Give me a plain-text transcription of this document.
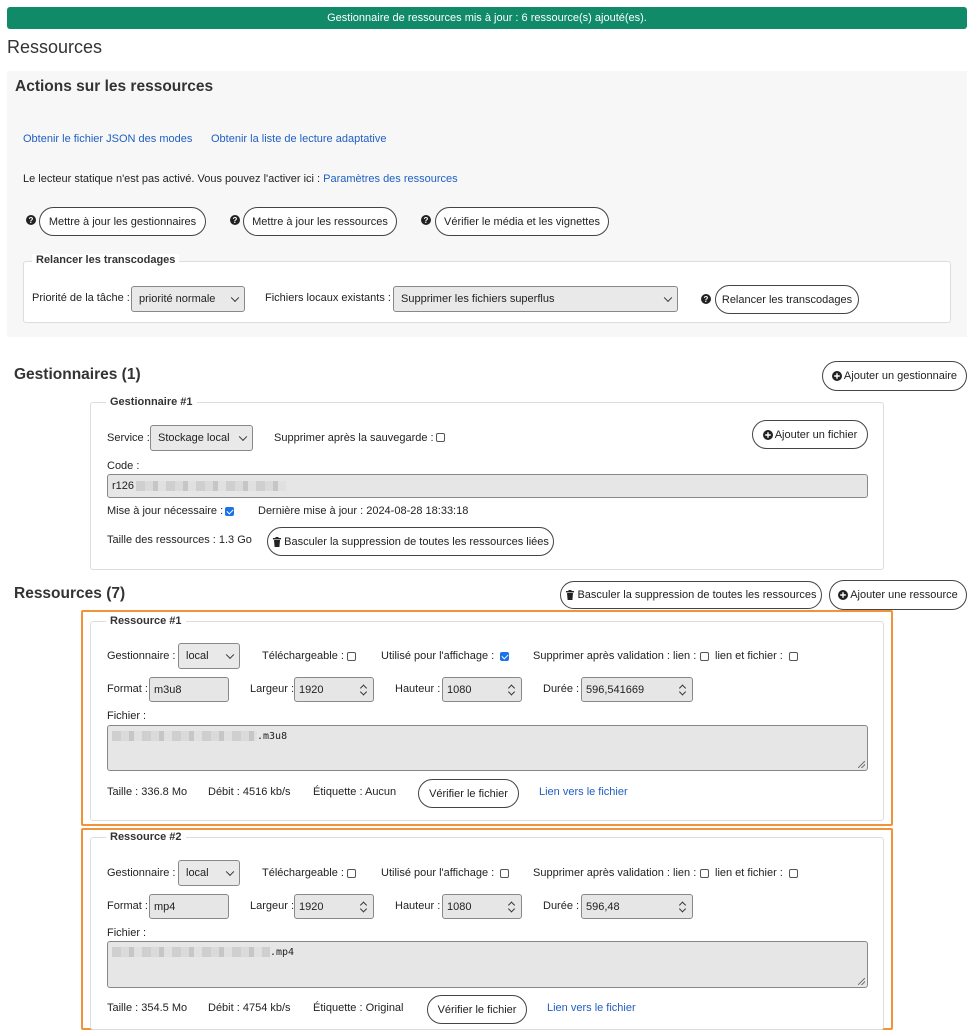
Gestionnaire de ressources mis à jour : 6 ressource(s) ajouté(es).
Ressources
Actions sur les ressources
Obtenir le fichier JSON des modes Obtenir la liste de lecture adaptative
Le lecteur statique n'est pas activé. Vous pouvez l'activer ici : Paramètres des ressources
? Mettre à jour les gestionnaires	? Mettre à jour les ressources	? Vérifier le média et les vignettes
Relancer les transcodages
Priorité de la tâche : priorité normale	Fichiers locaux existants : Supprimer les fichiers superflus	? Relancer les transcodages
Gestionnaires (1)	Ajouter un gestionnaire
Gestionnaire #1
Service : Stockage local	Supprimer après la sauvegarde :	Ajouter un fichier
Code :
r126
Mise à jour nécessaire :	Dernière mise à jour : 2024-08-28 18:33:18
Taille des ressources : 1.3 Go	Basculer la suppression de toutes les ressources liées
Ressources (7)	Basculer la suppression de toutes les ressources	Ajouter une ressource
Ressource #1
Gestionnaire : local	Téléchargeable :	Utilisé pour l'affichage :	Supprimer après validation : lien : lien et fichier :
Format : m3u8	Largeur : 1920	Hauteur : 1080	Durée : 596,541669
Fichier :
.m3u8
Taille : 336.8 Mo Débit : 4516 kb/s Étiquette : Aucun	Vérifier le fichier	Lien vers le fichier
Ressource #2
Gestionnaire : local	Téléchargeable :	Utilisé pour l'affichage :	Supprimer après validation : lien : lien et fichier :
Format : mp4	Largeur : 1920	Hauteur : 1080	Durée : 596,48
Fichier :
.mp4
Taille : 354.5 Mo Débit : 4754 kb/s Étiquette : Original	Vérifier le fichier	Lien vers le fichier
